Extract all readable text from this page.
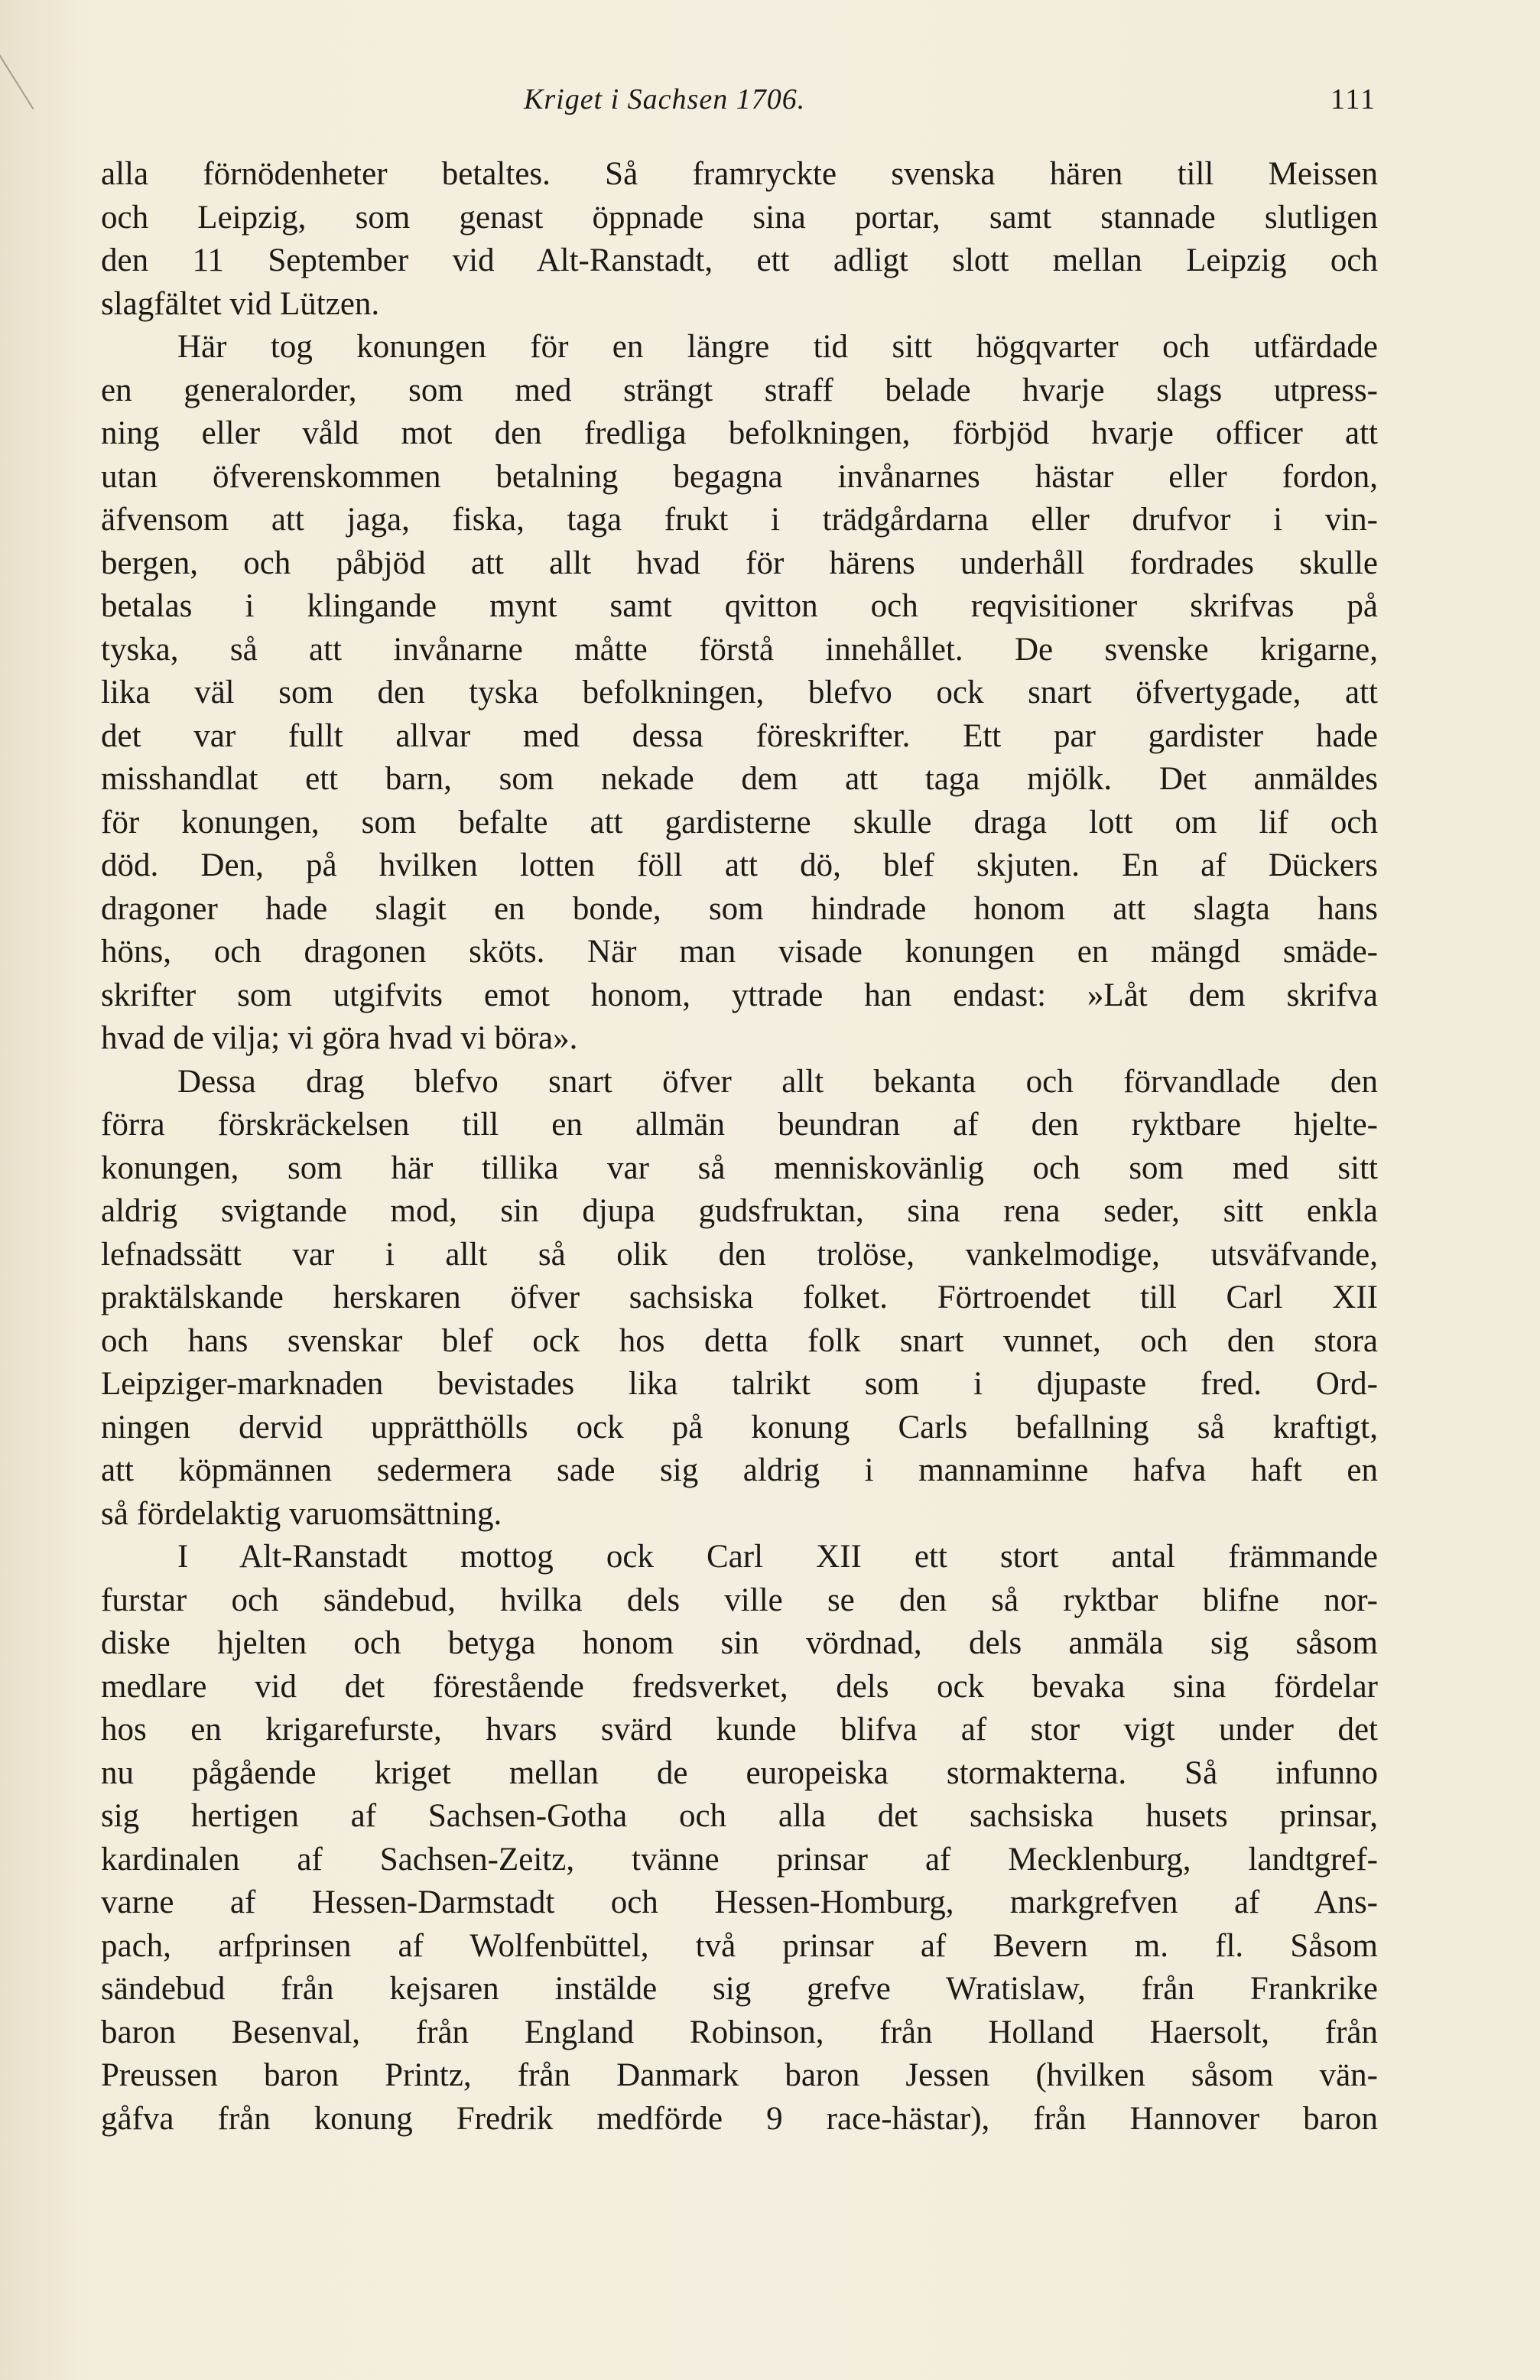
Kriget i Sachsen 1706.	111
alla förnödenheter betaltes. Så framryckte svenska hären till Meissen
och Leipzig, som genast öppnade sina portar, samt stannade slutligen
den 11 September vid Alt-Ranstadt, ett adligt slott mellan Leipzig och
slagfältet vid Lützen.
Här tog konungen för en längre tid sitt högqvarter och utfärdade
en generalorder, som med strängt straff belade hvarje slags utpress-
ning eller våld mot den fredliga befolkningen, förbjöd hvarje officer att
utan öfverenskommen betalning begagna invånarnes hästar eller fordon,
äfvensom att jaga, fiska, taga frukt i trädgårdarna eller drufvor i vin-
bergen, och påbjöd att allt hvad för härens underhåll fordrades skulle
betalas i klingande mynt samt qvitton och reqvisitioner skrifvas på
tyska, så att invånarne måtte förstå innehållet. De svenske krigarne,
lika väl som den tyska befolkningen, blefvo ock snart öfvertygade, att
det var fullt allvar med dessa föreskrifter. Ett par gardister hade
misshandlat ett barn, som nekade dem att taga mjölk. Det anmäldes
för konungen, som befalte att gardisterne skulle draga lott om lif och
död. Den, på hvilken lotten föll att dö, blef skjuten. En af Dückers
dragoner hade slagit en bonde, som hindrade honom att slagta hans
höns, och dragonen sköts. När man visade konungen en mängd smäde-
skrifter som utgifvits emot honom, yttrade han endast: »Låt dem skrifva
hvad de vilja; vi göra hvad vi böra».
Dessa drag blefvo snart öfver allt bekanta och förvandlade den
förra förskräckelsen till en allmän beundran af den ryktbare hjelte-
konungen, som här tillika var så menniskovänlig och som med sitt
aldrig svigtande mod, sin djupa gudsfruktan, sina rena seder, sitt enkla
lefnadssätt var i allt så olik den trolöse, vankelmodige, utsväfvande,
praktälskande herskaren öfver sachsiska folket. Förtroendet till Carl XII
och hans svenskar blef ock hos detta folk snart vunnet, och den stora
Leipziger-marknaden bevistades lika talrikt som i djupaste fred. Ord-
ningen dervid upprätthölls ock på konung Carls befallning så kraftigt,
att köpmännen sedermera sade sig aldrig i mannaminne hafva haft en
så fördelaktig varuomsättning.
I Alt-Ranstadt mottog ock Carl XII ett stort antal främmande
furstar och sändebud, hvilka dels ville se den så ryktbar blifne nor-
diske hjelten och betyga honom sin vördnad, dels anmäla sig såsom
medlare vid det förestående fredsverket, dels ock bevaka sina fördelar
hos en krigarefurste, hvars svärd kunde blifva af stor vigt under det
nu pågående kriget mellan de europeiska stormakterna. Så infunno
sig hertigen af Sachsen-Gotha och alla det sachsiska husets prinsar,
kardinalen af Sachsen-Zeitz, tvänne prinsar af Mecklenburg, landtgref-
varne af Hessen-Darmstadt och Hessen-Homburg, markgrefven af Ans-
pach, arfprinsen af Wolfenbüttel, två prinsar af Bevern m. fl. Såsom
sändebud från kejsaren instälde sig grefve Wratislaw, från Frankrike
baron Besenval, från England Robinson, från Holland Haersolt, från
Preussen baron Printz, från Danmark baron Jessen (hvilken såsom vän-
gåfva från konung Fredrik medförde 9 race-hästar), från Hannover baron
